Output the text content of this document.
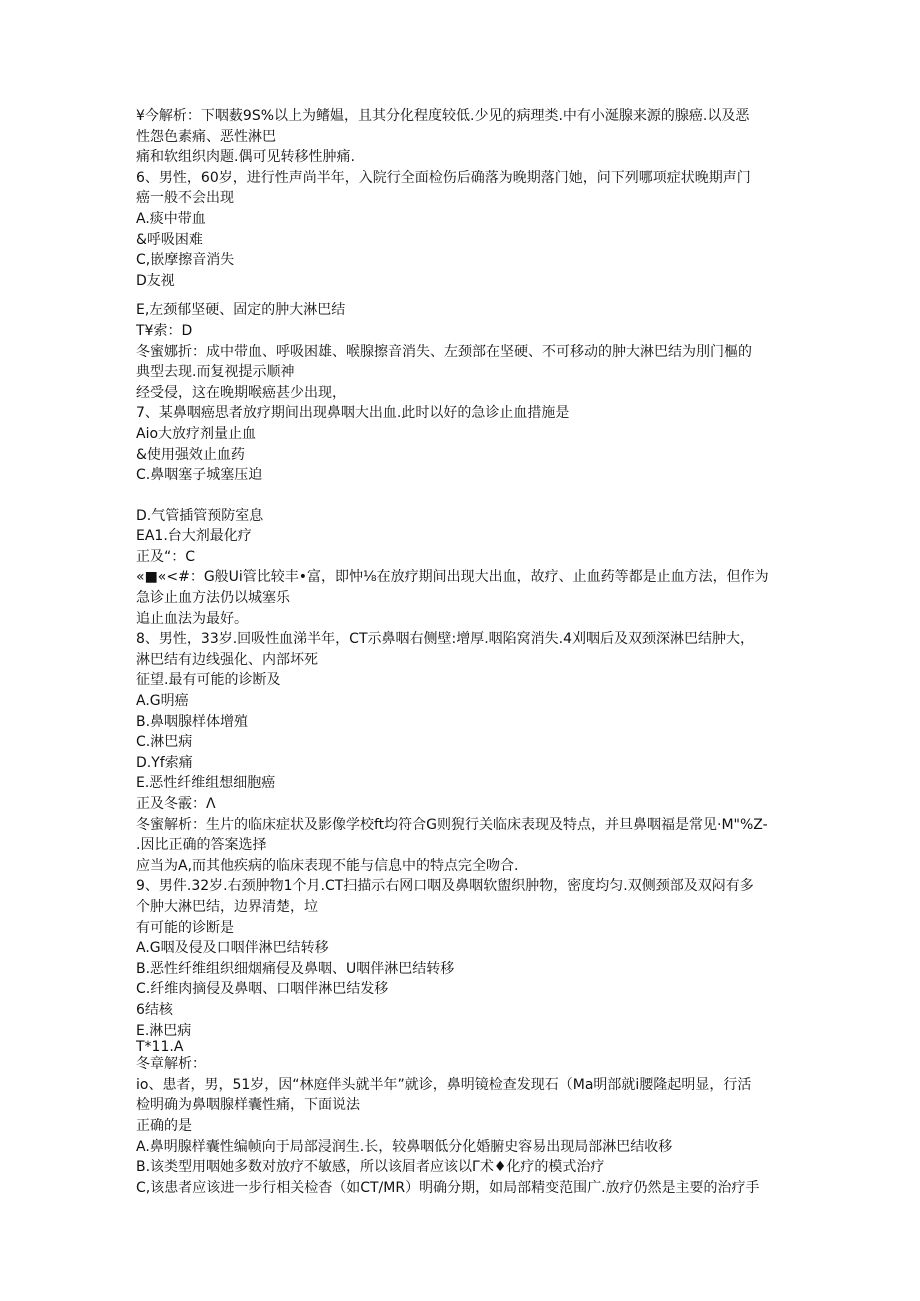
¥今解析：下咽薮9S%以上为鳍媪，且其分化程度较低.少见的病理类.中有小涎腺来源的腺癌.以及恶

性怨色素痛、恶性淋巴

痛和软组织肉题.偶可见转移性肿痛.

6、男性，60岁，进行性声尚半年，入院行全面检伤后确落为晚期落门她，问下列哪项症状晚期声门

癌一般不会出现

A.痰中带血

&呼吸困难

C,嵌摩擦音消失

D友视

E,左颈郁坚硬、固定的肿大淋巴结

T¥索：D

冬蜜娜折：成中带血、呼吸困雄、喉腺擦音消失、左颈部在坚硬、不可移动的肿大淋巴结为刖门樞的

典型去现.而复视提示顺神

经受侵，这在晚期喉癌甚少出现，

7、某鼻咽癌思者放疗期间出现鼻咽大出血.此时以好的急诊止血措施是

Aio大放疗剂量止血

&使用强效止血药

C.鼻咽塞子城塞压迫

D.气管插管预防室息

EA1.台大剂最化疗

正及“：C

«■«<#：G般Ui管比较丰•富，即忡⅛在放疗期间出现大出血，故疗、止血药等都是止血方法，但作为

急诊止血方法仍以城塞乐

追止血法为最好。

8、男性，33岁.回吸性血涕半年，CT示鼻咽右侧壁:增厚.咽陷窝消失.4刈咽后及双颈深淋巴结肿大，

淋巴结有边线强化、内部坏死

征望.最有可能的诊断及

A.G明癌

B.鼻咽腺样体增殖

C.淋巴病

D.Yf索痛

E.恶性纤维组想细胞癌

正及冬霰：Λ

冬蜜解析：生片的临床症状及影像学校ft均符合G则猊行关临床表现及特点，并旦鼻咽福是常见·M"%Z-

.因比正确的答案选择

应当为A,而其他疾病的临床表现不能与信息中的特点完全吻合.

9、男件.32岁.右颈肿物1个月.CT扫描示右网口咽及鼻咽软盥织肿物，密度均匀.双侧颈部及双闷有多

个肿大淋巴结，边界清楚，垃

有可能的诊断是

A.G咽及侵及口咽伴淋巴结转移

B.恶性纤维组织细烟痛侵及鼻咽、U咽伴淋巴结转移

C.纤维肉摘侵及鼻咽、口咽伴淋巴结发移

6结核

E.淋巴病

T*11.A

冬章解析：

io、患者，男，51岁，因“林庭伴头就半年”就诊，鼻明镜检查发现石（Ma明部就i腰隆起明显，行活

检明确为鼻咽腺样囊性痛，下面说法

正确的是

A.鼻明腺样囊性编帧向于局部浸润生.长，较鼻咽低分化婚腑史容易出现局部淋巴结收移

B.该类型用咽她多数对放疗不敏感，所以该㞒者应该以Γ术♦化疗的模式治疗

C,该患者应该进一步行相关检杳（如CT/MR）明确分期，如局部精变范围广.放疗仍然是主要的治疗手
